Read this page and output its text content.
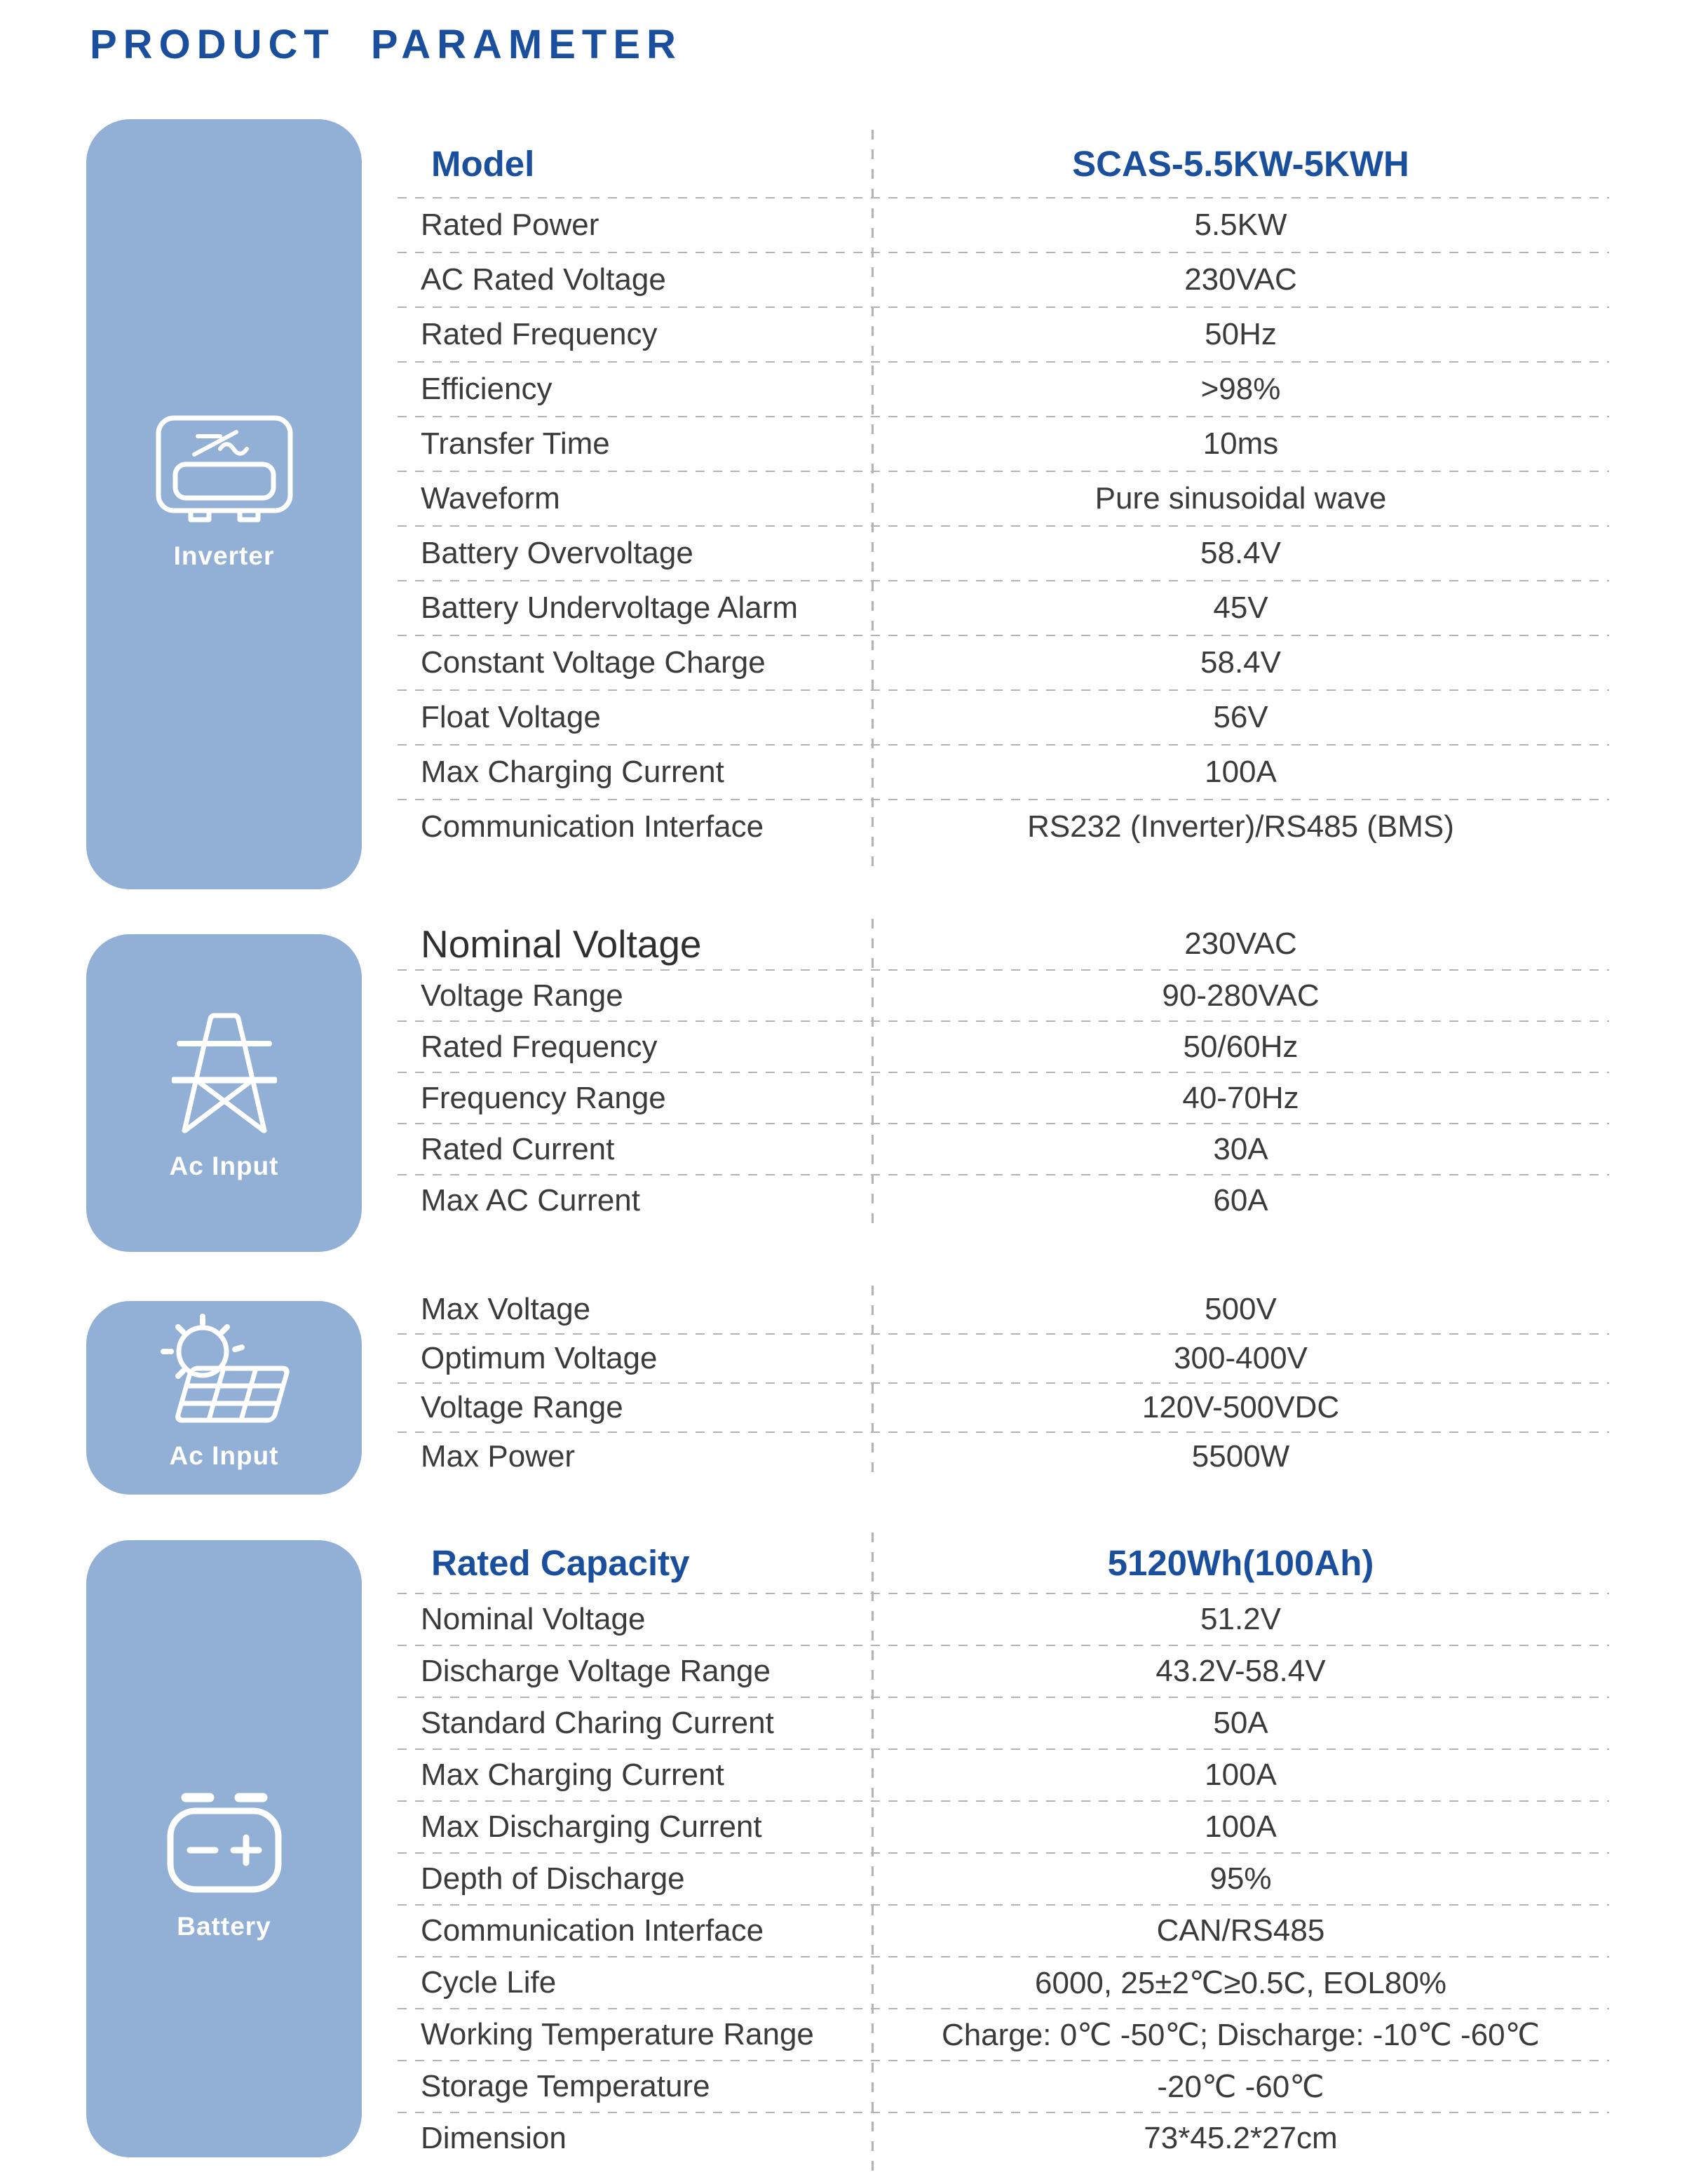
PRODUCT PARAMETER
Inverter
Ac Input
Ac Input
Battery
Model	SCAS-5.5KW-5KWH
Rated Power	5.5KW
AC Rated Voltage	230VAC
Rated Frequency	50Hz
Efficiency	>98%
Transfer Time	10ms
Waveform	Pure sinusoidal wave
Battery Overvoltage	58.4V
Battery Undervoltage Alarm	45V
Constant Voltage Charge	58.4V
Float Voltage	56V
Max Charging Current	100A
Communication Interface	RS232 (Inverter)/RS485 (BMS)
Nominal Voltage	230VAC
Voltage Range	90-280VAC
Rated Frequency	50/60Hz
Frequency Range	40-70Hz
Rated Current	30A
Max AC Current	60A
Max Voltage	500V
Optimum Voltage	300-400V
Voltage Range	120V-500VDC
Max Power	5500W
Rated Capacity	5120Wh(100Ah)
Nominal Voltage	51.2V
Discharge Voltage Range	43.2V-58.4V
Standard Charing Current	50A
Max Charging Current	100A
Max Discharging Current	100A
Depth of Discharge	95%
Communication Interface	CAN/RS485
Cycle Life	6000, 25±2℃≥0.5C, EOL80%
Working Temperature Range	Charge: 0℃ -50℃; Discharge: -10℃ -60℃
Storage Temperature	-20℃ -60℃
Dimension	73*45.2*27cm
